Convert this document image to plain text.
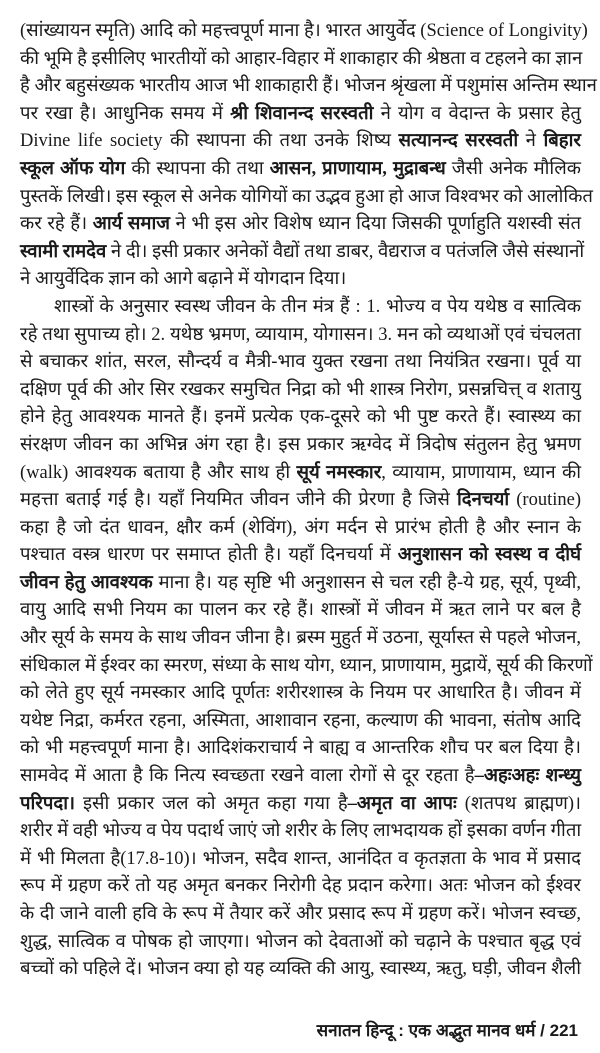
(सांख्यायन स्मृति) आदि को महत्त्वपूर्ण माना है। भारत आयुर्वेद (Science of Longivity)
की भूमि है इसीलिए भारतीयों को आहार-विहार में शाकाहार की श्रेष्ठता व टहलने का ज्ञान
है और बहुसंख्यक भारतीय आज भी शाकाहारी हैं। भोजन श्रृंखला में पशुमांस अन्तिम स्थान
पर रखा है। आधुनिक समय में श्री शिवानन्द सरस्वती ने योग व वेदान्त के प्रसार हेतु
Divine life society की स्थापना की तथा उनके शिष्य सत्यानन्द सरस्वती ने बिहार
स्कूल ऑफ योग की स्थापना की तथा आसन, प्राणायाम, मुद्राबन्ध जैसी अनेक मौलिक
पुस्तकें लिखी। इस स्कूल से अनेक योगियों का उद्भव हुआ हो आज विश्वभर को आलोकित
कर रहे हैं। आर्य समाज ने भी इस ओर विशेष ध्यान दिया जिसकी पूर्णाहुति यशस्वी संत
स्वामी रामदेव ने दी। इसी प्रकार अनेकों वैद्यों तथा डाबर, वैद्यराज व पतंजलि जैसे संस्थानों
ने आयुर्वेदिक ज्ञान को आगे बढ़ाने में योगदान दिया।
शास्त्रों के अनुसार स्वस्थ जीवन के तीन मंत्र हैं : 1. भोज्य व पेय यथेष्ठ व सात्विक
रहे तथा सुपाच्य हो। 2. यथेष्ठ भ्रमण, व्यायाम, योगासन। 3. मन को व्यथाओं एवं चंचलता
से बचाकर शांत, सरल, सौन्दर्य व मैत्री-भाव युक्त रखना तथा नियंत्रित रखना। पूर्व या
दक्षिण पूर्व की ओर सिर रखकर समुचित निद्रा को भी शास्त्र निरोग, प्रसन्नचित्त् व शतायु
होने हेतु आवश्यक मानते हैं। इनमें प्रत्येक एक-दूसरे को भी पुष्ट करते हैं। स्वास्थ्य का
संरक्षण जीवन का अभिन्न अंग रहा है। इस प्रकार ऋग्वेद में त्रिदोष संतुलन हेतु भ्रमण
(walk) आवश्यक बताया है और साथ ही सूर्य नमस्कार, व्यायाम, प्राणायाम, ध्यान की
महत्ता बताई गई है। यहाँ नियमित जीवन जीने की प्रेरणा है जिसे दिनचर्या (routine)
कहा है जो दंत धावन, क्षौर कर्म (शेविंग), अंग मर्दन से प्रारंभ होती है और स्नान के
पश्चात वस्त्र धारण पर समाप्त होती है। यहाँ दिनचर्या में अनुशासन को स्वस्थ व दीर्घ
जीवन हेतु आवश्यक माना है। यह सृष्टि भी अनुशासन से चल रही है-ये ग्रह, सूर्य, पृथ्वी,
वायु आदि सभी नियम का पालन कर रहे हैं। शास्त्रों में जीवन में ऋत लाने पर बल है
और सूर्य के समय के साथ जीवन जीना है। ब्रस्म मुहुर्त में उठना, सूर्यास्त से पहले भोजन,
संधिकाल में ईश्वर का स्मरण, संध्या के साथ योग, ध्यान, प्राणायाम, मुद्रायें, सूर्य की किरणों
को लेते हुए सूर्य नमस्कार आदि पूर्णतः शरीरशास्त्र के नियम पर आधारित है। जीवन में
यथेष्ट निद्रा, कर्मरत रहना, अस्मिता, आशावान रहना, कल्याण की भावना, संतोष आदि
को भी महत्त्वपूर्ण माना है। आदिशंकराचार्य ने बाह्य व आन्तरिक शौच पर बल दिया है।
सामवेद में आता है कि नित्य स्वच्छता रखने वाला रोगों से दूर रहता है–अहःअहः शन्ध्यु
परिपदा। इसी प्रकार जल को अमृत कहा गया है–अमृत वा आपः (शतपथ ब्राह्मण)।
शरीर में वही भोज्य व पेय पदार्थ जाएं जो शरीर के लिए लाभदायक हों इसका वर्णन गीता
में भी मिलता है(17.8-10)। भोजन, सदैव शान्त, आनंदित व कृतज्ञता के भाव में प्रसाद
रूप में ग्रहण करें तो यह अमृत बनकर निरोगी देह प्रदान करेगा। अतः भोजन को ईश्वर
के दी जाने वाली हवि के रूप में तैयार करें और प्रसाद रूप में ग्रहण करें। भोजन स्वच्छ,
शुद्ध, सात्विक व पोषक हो जाएगा। भोजन को देवताओं को चढ़ाने के पश्चात बृद्ध एवं
बच्चों को पहिले दें। भोजन क्या हो यह व्यक्ति की आयु, स्वास्थ्य, ऋतु, घड़ी, जीवन शैली
सनातन हिन्दू : एक अद्भुत मानव धर्म / 221
